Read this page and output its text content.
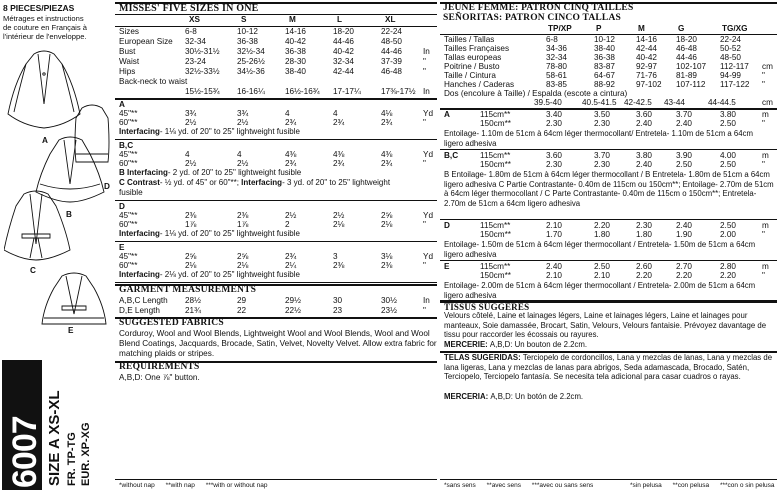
8 PIECES/PIEZAS
Métrages et instructions
de couture en Français à
l'intérieur de l'enveloppe.
A
D
B
C
E
6007 SIZE A XS-XL FR. TP-TG EUR. XP-XG
MISSES' FIVE SIZES IN ONE
XS	S	M	L	XL
Sizes	6-8	10-12	14-16	18-20	22-24
European Size 32-34	36-38	40-42	44-46	48-50
Bust	30½-31½ 32½-34 36-38	40-42	44-46	In
Waist	23-24	25-26½ 28-30	32-34	37-39	"
Hips	32½-33½ 34½-36 38-40	42-44	46-48	"
Back-neck to waist
15½-15¾ 16-16¼ 16½-16¾ 17-17¼ 17⅜-17½ In
A
45"**	3¾	3¾	4	4	4⅛	Yd
60"**	2½	2½	2¾	2¾	2¾	"
Interfacing- 1⅛ yd. of 20" to 25" lightweight fusible
B,C
45"**	4	4	4⅜	4⅜	4⅜	Yd
60"**	2½	2½	2¾	2¾	2¾	"
B Interfacing- 2 yd. of 20" to 25" lightweight fusible
C Contrast- ½ yd. of 45" or 60"**; Interfacing- 3 yd. of 20" to 25" lightweight
fusible
D
45"**	2⅜	2⅜	2½	2½	2⅝	Yd
60"**	1⅞	1⅞	2	2⅛	2⅛	"
Interfacing- 1⅛ yd. of 20" to 25" lightweight fusible
E
45"**	2⅝	2⅝	2¾	3	3⅛	Yd
60"**	2⅛	2⅛	2¼	2⅜	2⅜	"
Interfacing- 2⅛ yd. of 20" to 25" lightweight fusible
GARMENT MEASUREMENTS
A,B,C Length 28½	29	29½	30	30½	In
D,E Length	21¾	22	22½	23	23½	"
SUGGESTED FABRICS
Corduroy, Wool and Wool Blends, Lightweight Wool and Wool Blends, Wool and Wool
Blend Coatings, Jacquards, Brocade, Satin, Velvet, Novelty Velvet. Allow extra fabric for
matching plaids or stripes.
REQUIREMENTS
A,B,D: One ⅞" button.
*without nap      **with nap      ***with or without nap
JEUNE FEMME: PATRON CINQ TAILLES
SEÑORITAS: PATRON CINCO TALLAS
TP/XP	P	M	G	TG/XG
Tailles / Tallas	6-8	10-12	14-16 18-20	22-24
Tailles Françaises	34-36	38-40	42-44 46-48	50-52
Tallas europeas	32-34	36-38	40-42 44-46	48-50
Poitrine / Busto	78-80	83-87	92-97 102-107 112-117 cm
Taille / Cintura	58-61	64-67	71-76 81-89	94-99	"
Hanches / Caderas	83-85	88-92	97-102 107-112 117-122 "
Dos (encolure à Taille) / Espalda (escote a cintura)
39.5-40 40.5-41.5 42-42.5 43-44	44-44.5	cm
A	115cm**	3.40	3.50	3.60	3.70	3.80	m
150cm**	2.30	2.30	2.40	2.40	2.50	"
Entoilage- 1.10m de 51cm à 64cm léger thermocollant/ Entretela- 1.10m de 51cm a 64cm ligero adhesiva
B,C	115cm**	3.60	3.70	3.80	3.90	4.00	m
150cm**	2.30	2.30	2.40	2.50	2.50	"
B Entoilage- 1.80m de 51cm à 64cm léger thermocollant / B Entretela- 1.80m de 51cm a 64cm ligero adhesiva C Partie Contrastante- 0.40m de 115cm ou 150cm**; Entoilage- 2.70m de 51cm à 64cm léger thermocollant / C Parte Contrastante- 0.40m de 115cm o 150cm**; Entretela- 2.70m de 51cm a 64cm ligero adhesiva
D	115cm**	2.10	2.20	2.30	2.40	2.50	m
150cm**	1.70	1.80	1.80	1.90	2.00	"
Entoilage- 1.50m de 51cm à 64cm léger thermocollant / Entretela- 1.50m de 51cm a 64cm ligero adhesiva
E	115cm**	2.40	2.50	2.60	2.70	2.80	m
150cm**	2.10	2.10	2.20	2.20	2.20	"
Entoilage- 2.00m de 51cm à 64cm léger thermocollant / Entretela- 2.00m de 51cm a 64cm ligero adhesiva
TISSUS SUGGERES
Velours côtelé, Laine et lainages légers, Laine et lainages légers, Laine et lainages pour manteaux, Soie damassée, Brocart, Satin, Velours, Velours fantaisie. Prévoyez davantage de tissu pour raccorder les écossais ou rayures.
MERCERIE: A,B,D: Un bouton de 2.2cm.
TELAS SUGERIDAS: Terciopelo de cordoncillos, Lana y mezclas de lanas, Lana y mezclas de lana ligeras, Lana y mezclas de lanas para abrigos, Seda adamascada, Brocado, Satén, Terciopelo, Terciopelo fantasía. Se necesita tela adicional para casar cuadros o rayas.
MERCERIA: A,B,D: Un botón de 2.2cm.
*sans sens      **avec sens      ***avec ou sans sens	*sin pelusa      **con pelusa      ***con o sin pelusa
